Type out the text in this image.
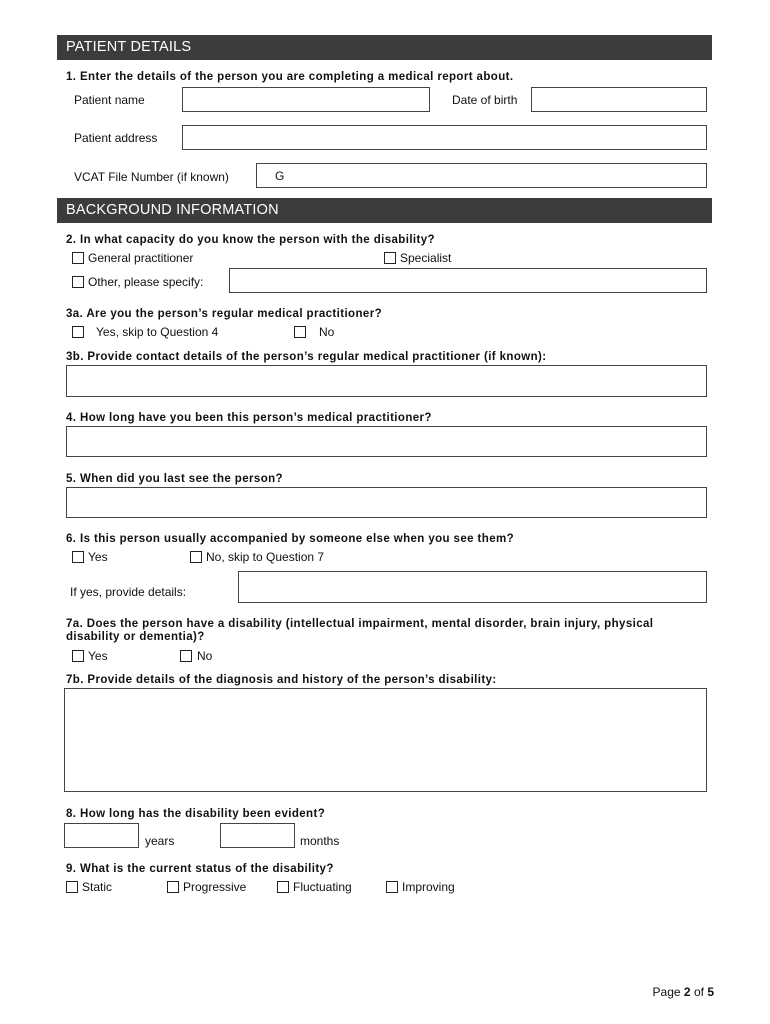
PATIENT DETAILS
1. Enter the details of the person you are completing a medical report about.
Patient name	Date of birth
Patient address
VCAT File Number (if known)	G
BACKGROUND INFORMATION
2. In what capacity do you know the person with the disability?
General practitioner	Specialist
Other, please specify:
3a. Are you the person’s regular medical practitioner?
Yes, skip to Question 4	No
3b. Provide contact details of the person’s regular medical practitioner (if known):
4. How long have you been this person’s medical practitioner?
5. When did you last see the person?
6. Is this person usually accompanied by someone else when you see them?
Yes	No, skip to Question 7
If yes, provide details:
7a. Does the person have a disability (intellectual impairment, mental disorder, brain injury, physical
disability or dementia)?
Yes	No
7b. Provide details of the diagnosis and history of the person’s disability:
8. How long has the disability been evident?
years	months
9. What is the current status of the disability?
Static	Progressive	Fluctuating	Improving
Page 2 of 5
